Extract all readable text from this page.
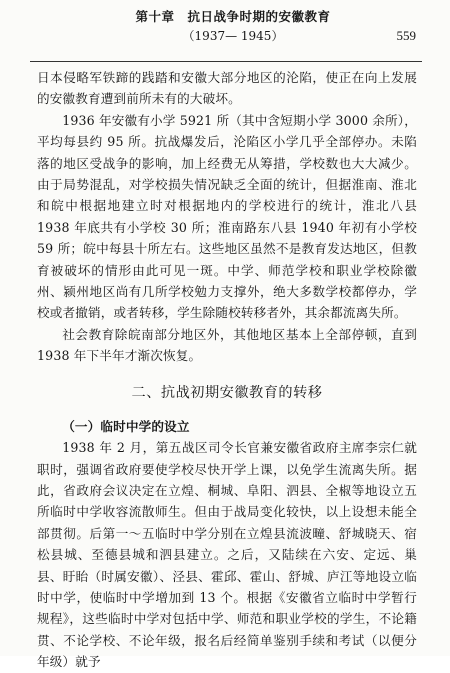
第十章　抗日战争时期的安徽教育
（1937— 1945）	559

日本侵略军铁蹄的践踏和安徽大部分地区的沦陷，使正在向上发展的安徽教育遭到前所未有的大破坏。

1936 年安徽有小学 5921 所（其中含短期小学 3000 余所），平均每县约 95 所。抗战爆发后，沦陷区小学几乎全部停办。未陷落的地区受战争的影响，加上经费无从筹措，学校数也大大减少。由于局势混乱，对学校损失情况缺乏全面的统计，但据淮南、淮北和皖中根据地建立时对根据地内的学校进行的统计，淮北八县 1938 年底共有小学校 30 所；淮南路东八县 1940 年初有小学校 59 所；皖中每县十所左右。这些地区虽然不是教育发达地区，但教育被破坏的情形由此可见一斑。中学、师范学校和职业学校除徽州、颍州地区尚有几所学校勉力支撑外，绝大多数学校都停办，学校或者撤销，或者转移，学生除随校转移者外，其余都流离失所。

社会教育除皖南部分地区外，其他地区基本上全部停顿，直到 1938 年下半年才渐次恢复。

二、抗战初期安徽教育的转移

（一）临时中学的设立

1938 年 2 月，第五战区司令长官兼安徽省政府主席李宗仁就职时，强调省政府要使学校尽快开学上课，以免学生流离失所。据此，省政府会议决定在立煌、桐城、阜阳、泗县、全椒等地设立五所临时中学收容流散师生。但由于战局变化较快，以上设想未能全部贯彻。后第一～五临时中学分别在立煌县流波疃、舒城晓天、宿松县城、至德县城和泗县建立。之后，又陆续在六安、定远、巢县、盱眙（时属安徽）、泾县、霍邱、霍山、舒城、庐江等地设立临时中学，使临时中学增加到 13 个。根据《安徽省立临时中学暂行规程》，这些临时中学对包括中学、师范和职业学校的学生，不论籍贯、不论学校、不论年级，报名后经简单鉴别手续和考试（以便分年级）就予
